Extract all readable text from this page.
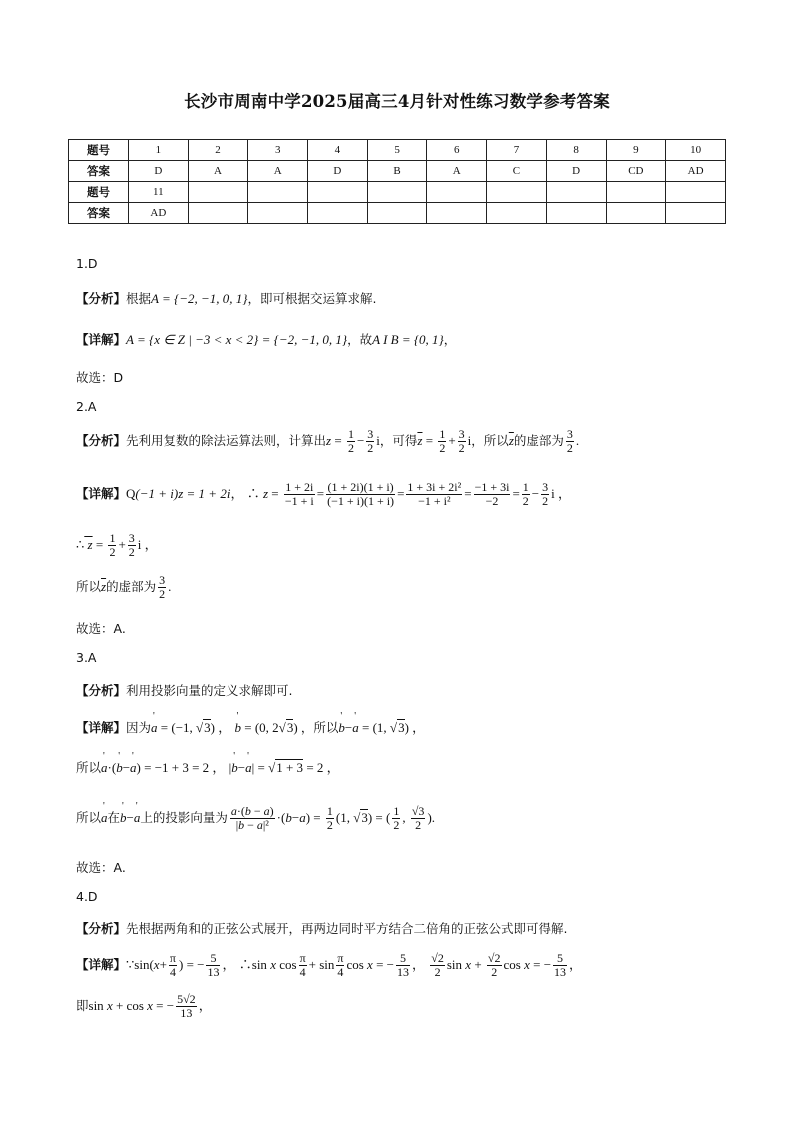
长沙市周南中学2025届高三4月针对性练习数学参考答案
题号	1	2	3	4	5	6	7	8	9	10
答案	D	A	A	D	B	A	C	D	CD	AD
题号	11									
答案	AD									
1.D
【分析】根据A = {−2, −1, 0, 1}，即可根据交运算求解.
【详解】A = {x ∈ Z | −3 < x < 2} = {−2, −1, 0, 1}，故A I B = {0, 1}，
故选：D
2.A
【分析】先利用复数的除法运算法则，计算出$z = \frac{1}{2} - \frac{3}{2}$ i，可得$\overline{z} = \frac{1}{2} + \frac{3}{2}$ i，所以$\overline{z}$的虚部为 $\frac{3}{2}$ .
【详解】Q(−1 + i)z = 1 + 2i， ∴ $z = \frac{1 + 2i}{-1 + i} = \frac{(1 + 2i)(1 + i)}{(-1 + i)(1 + i)} = \frac{\text{1 + 3i + 2i²}}{\text{−1 + i²}} = \frac{-1 + 3i}{-2} = \frac{1}{2} - \frac{3}{2}$ i ，
∴ $z = \frac{1}{2} + \frac{3}{2}$ i ，
所以$\overline{z}$的虚部为 $\frac{3}{2}$ .
故选：A.
3.A
【分析】利用投影向量的定义求解即可.
【详解】因为' a = (−1, √3) ， ' b = (0, 2√3) ，所以' b−' a = (1, √3) ，
所以' a·(' b−' a) = −1 + 3 = 2 ， |' b−' a| = √1 + 3 = 2 ，
所以' a在' b−' a上的投影向量为 $\frac{a\cdot(b - a)}{\text{|b − a|²}} \cdot(b-a) = \frac{1}{2} (1$, √3) = ( $\frac{1}{2}$ , $\frac{√3}{2}$ ).
故选：A.
4.D
【分析】先根据两角和的正弦公式展开，再两边同时平方结合二倍角的正弦公式即可得解.
【详解】∵sin(x+ $\frac{\pi}{4}$ ) = − $\frac{5}{13}$ ， ∴sin x $\cos \frac{\pi}{4} + \sin \frac{\pi}{4}$ cos x = − $\frac{5}{13}$ ， $\frac{√2}{2}$ $\sin x + \frac{√2}{2}$ cos x = − $\frac{5}{13}$ ，
即sin x + cos x = − $\frac{5√2}{13}$ ，
